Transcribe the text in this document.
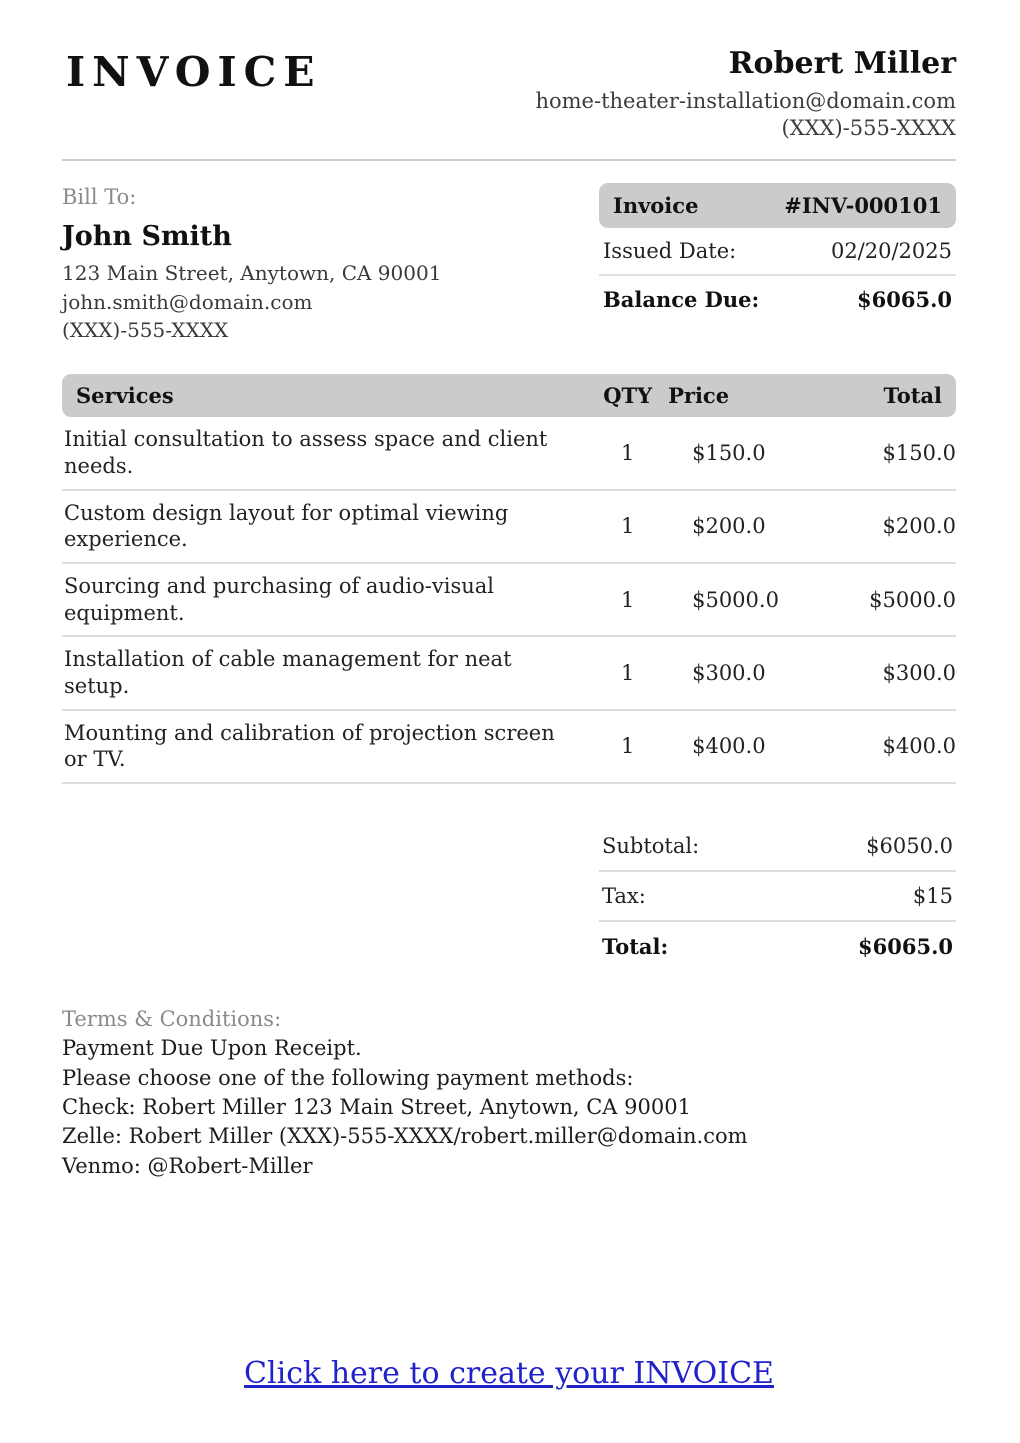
INVOICE	Robert Miller
home-theater-installation@domain.com
(XXX)-555-XXXX
Bill To:
John Smith
123 Main Street, Anytown, CA 90001
john.smith@domain.com
(XXX)-555-XXXX
Invoice	#INV-000101
Issued Date:	02/20/2025
Balance Due:	$6065.0
Services	QTY	Price	Total
Initial consultation to assess space and client needs.	1	$150.0	$150.0
Custom design layout for optimal viewing experience.	1	$200.0	$200.0
Sourcing and purchasing of audio-visual equipment.	1	$5000.0	$5000.0
Installation of cable management for neat setup.	1	$300.0	$300.0
Mounting and calibration of projection screen or TV.	1	$400.0	$400.0
Subtotal:	$6050.0
Tax:	$15
Total:	$6065.0
Terms & Conditions:
Payment Due Upon Receipt.
Please choose one of the following payment methods:
Check: Robert Miller 123 Main Street, Anytown, CA 90001
Zelle: Robert Miller (XXX)-555-XXXX/robert.miller@domain.com
Venmo: @Robert-Miller
Click here to create your INVOICE
